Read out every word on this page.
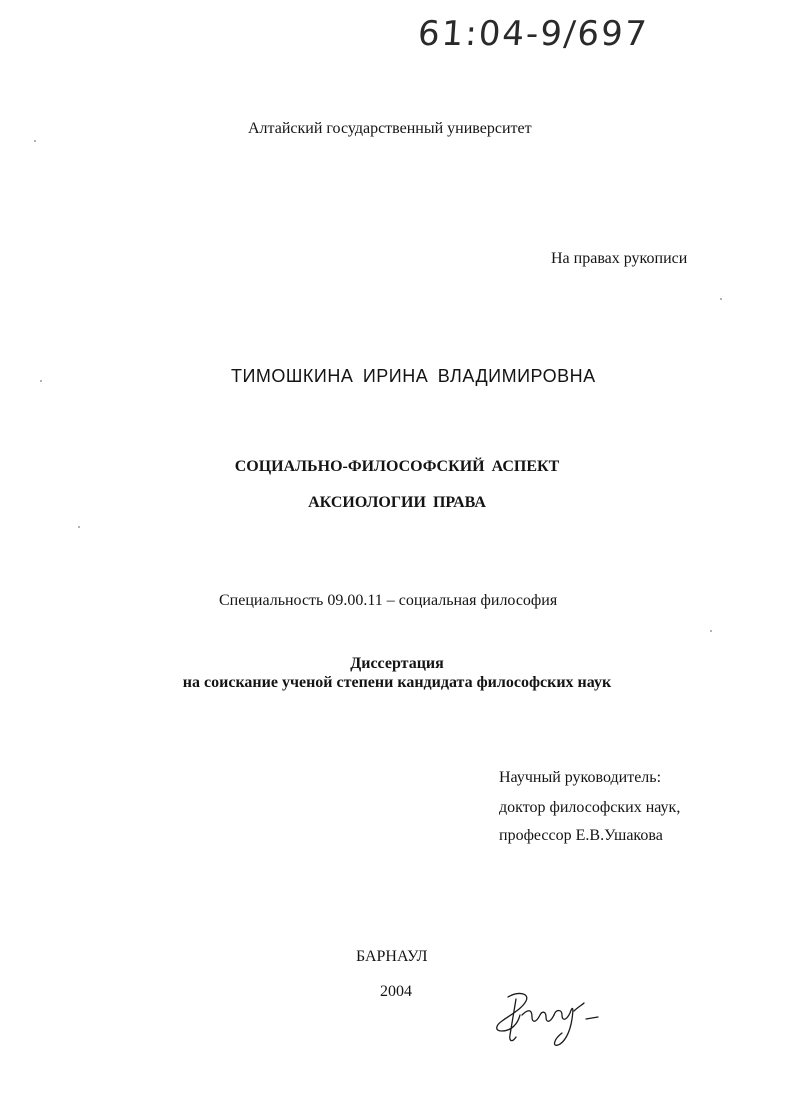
61:04-9/697

Алтайский государственный университет

На правах рукописи

ТИМОШКИНА ИРИНА ВЛАДИМИРОВНА

СОЦИАЛЬНО-ФИЛОСОФСКИЙ АСПЕКТ
АКСИОЛОГИИ ПРАВА

Специальность 09.00.11 – социальная философия

Диссертация

на соискание ученой степени кандидата философских наук

Научный руководитель:

доктор философских наук,

профессор Е.В.Ушакова

БАРНАУЛ

2004
